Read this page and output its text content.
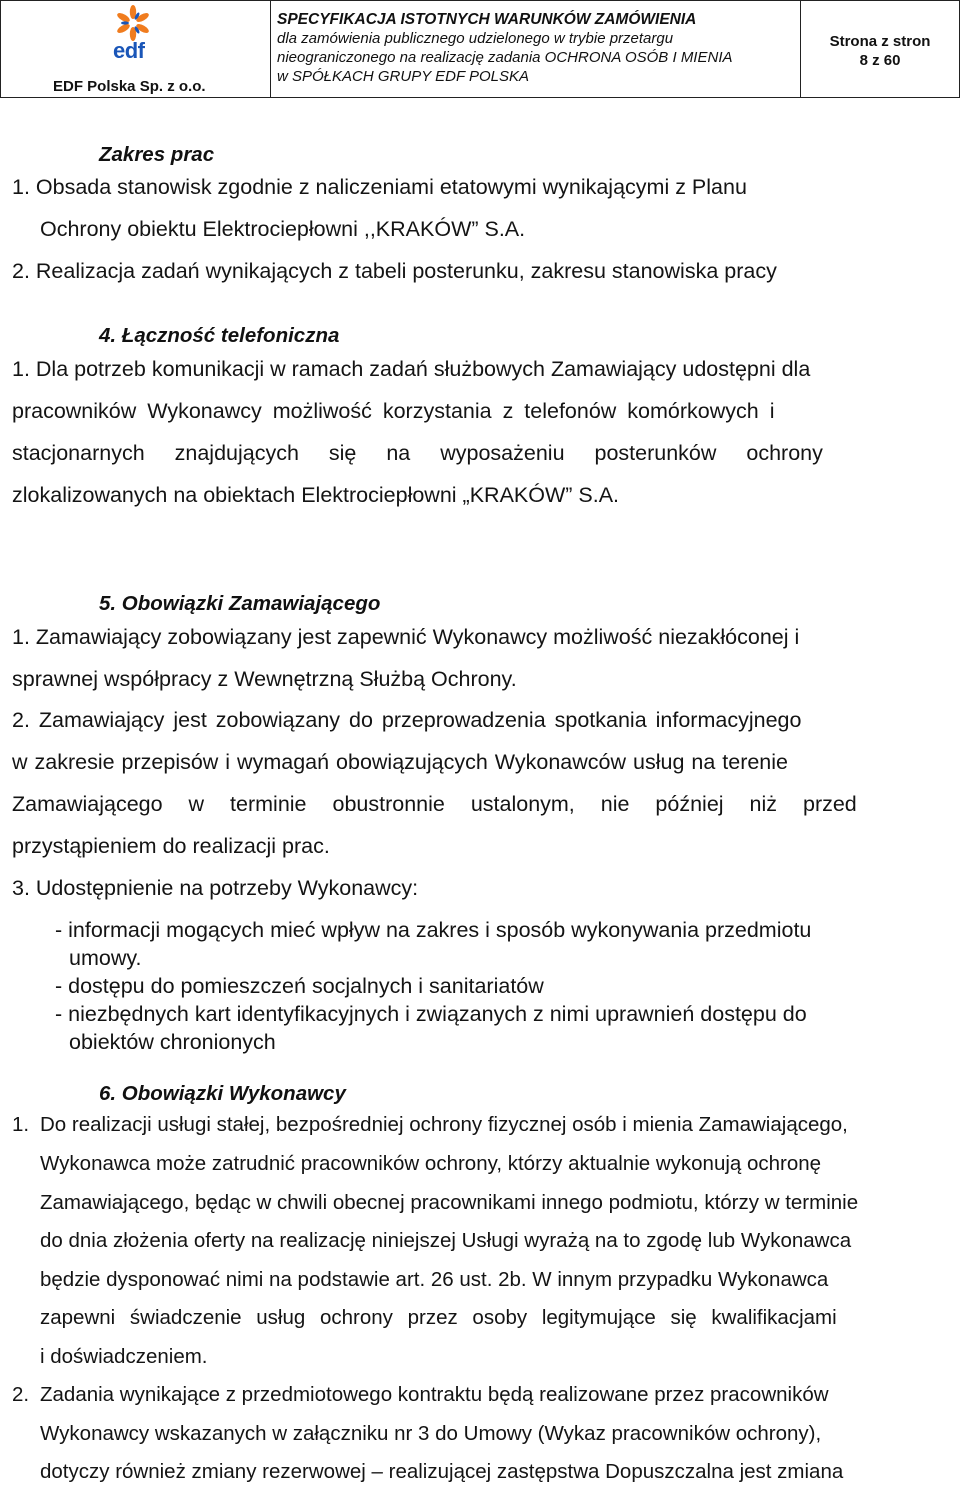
edf
EDF Polska Sp. z o.o.
SPECYFIKACJA ISTOTNYCH WARUNKÓW ZAMÓWIENIA
dla zamówienia publicznego udzielonego w trybie przetargu
nieograniczonego na realizację zadania OCHRONA OSÓB I MIENIA
w SPÓŁKACH GRUPY EDF POLSKA
Strona z stron
8 z 60
Zakres prac
1. Obsada stanowisk zgodnie z naliczeniami etatowymi wynikającymi z Planu
Ochrony obiektu Elektrociepłowni ,,KRAKÓW” S.A.
2. Realizacja zadań wynikających z tabeli posterunku, zakresu stanowiska pracy
4. Łączność telefoniczna
1. Dla potrzeb komunikacji w ramach zadań służbowych Zamawiający udostępni dla
pracowników Wykonawcy możliwość korzystania z telefonów komórkowych i
stacjonarnych znajdujących się na wyposażeniu posterunków ochrony
zlokalizowanych na obiektach Elektrociepłowni „KRAKÓW” S.A.
5. Obowiązki Zamawiającego
1. Zamawiający zobowiązany jest zapewnić Wykonawcy możliwość niezakłóconej i
sprawnej współpracy z Wewnętrzną Służbą Ochrony.
2. Zamawiający jest zobowiązany do przeprowadzenia spotkania informacyjnego
w zakresie przepisów i wymagań obowiązujących Wykonawców usług na terenie
Zamawiającego w terminie obustronnie ustalonym, nie później niż przed
przystąpieniem do realizacji prac.
3. Udostępnienie na potrzeby Wykonawcy:
- informacji mogących mieć wpływ na zakres i sposób wykonywania przedmiotu
umowy.
- dostępu do pomieszczeń socjalnych i sanitariatów
- niezbędnych kart identyfikacyjnych i związanych z nimi uprawnień dostępu do
obiektów chronionych
6. Obowiązki Wykonawcy
1. Do realizacji usługi stałej, bezpośredniej ochrony fizycznej osób i mienia Zamawiającego,
Wykonawca może zatrudnić pracowników ochrony, którzy aktualnie wykonują ochronę
Zamawiającego, będąc w chwili obecnej pracownikami innego podmiotu, którzy w terminie
do dnia złożenia oferty na realizację niniejszej Usługi wyrażą na to zgodę lub Wykonawca
będzie dysponować nimi na podstawie art. 26 ust. 2b. W innym przypadku Wykonawca
zapewni świadczenie usług ochrony przez osoby legitymujące się kwalifikacjami
i doświadczeniem.
2. Zadania wynikające z przedmiotowego kontraktu będą realizowane przez pracowników
Wykonawcy wskazanych w załączniku nr 3 do Umowy (Wykaz pracowników ochrony),
dotyczy również zmiany rezerwowej – realizującej zastępstwa Dopuszczalna jest zmiana
